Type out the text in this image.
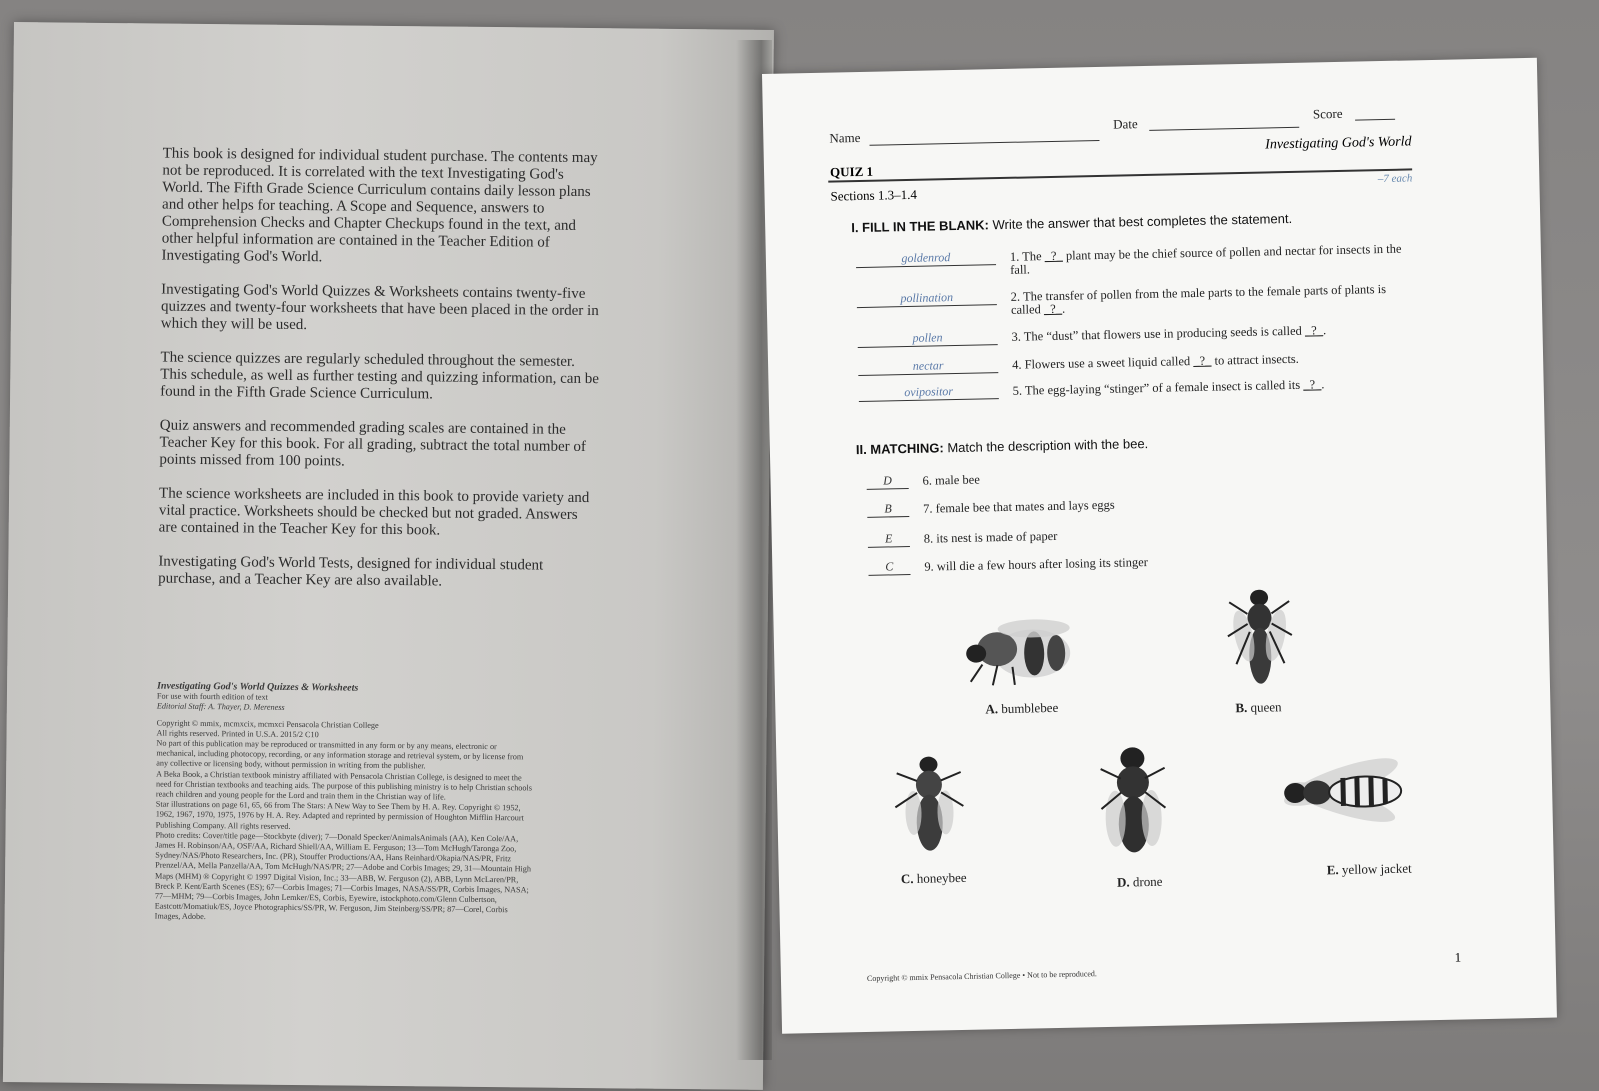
This book is designed for individual student purchase. The contents may not be reproduced. It is correlated with the text Investigating God's World. The Fifth Grade Science Curriculum contains daily lesson plans and other helps for teaching. A Scope and Sequence, answers to Comprehension Checks and Chapter Checkups found in the text, and other helpful information are contained in the Teacher Edition of Investigating God's World.

Investigating God's World Quizzes & Worksheets contains twenty-five quizzes and twenty-four worksheets that have been placed in the order in which they will be used.

The science quizzes are regularly scheduled throughout the semester. This schedule, as well as further testing and quizzing information, can be found in the Fifth Grade Science Curriculum.

Quiz answers and recommended grading scales are contained in the Teacher Key for this book. For all grading, subtract the total number of points missed from 100 points.

The science worksheets are included in this book to provide variety and vital practice. Worksheets should be checked but not graded. Answers are contained in the Teacher Key for this book.

Investigating God's World Tests, designed for individual student purchase, and a Teacher Key are also available.

Investigating God's World Quizzes & Worksheets

For use with fourth edition of text

Editorial Staff: A. Thayer, D. Mereness

Copyright © mmix, mcmxcix, mcmxci Pensacola Christian College

All rights reserved. Printed in U.S.A. 2015/2 C10

No part of this publication may be reproduced or transmitted in any form or by any means, electronic or mechanical, including photocopy, recording, or any information storage and retrieval system, or by license from any collective or licensing body, without permission in writing from the publisher.

A Beka Book, a Christian textbook ministry affiliated with Pensacola Christian College, is designed to meet the need for Christian textbooks and teaching aids. The purpose of this publishing ministry is to help Christian schools reach children and young people for the Lord and train them in the Christian way of life.

Star illustrations on page 61, 65, 66 from The Stars: A New Way to See Them by H. A. Rey. Copyright © 1952, 1962, 1967, 1970, 1975, 1976 by H. A. Rey. Adapted and reprinted by permission of Houghton Mifflin Harcourt Publishing Company. All rights reserved.

Photo credits: Cover/title page—Stockbyte (diver); 7—Donald Specker/AnimalsAnimals (AA), Ken Cole/AA, James H. Robinson/AA, OSF/AA, Richard Shiell/AA, William E. Ferguson; 13—Tom McHugh/Taronga Zoo, Sydney/NAS/Photo Researchers, Inc. (PR), Stouffer Productions/AA, Hans Reinhard/Okapia/NAS/PR, Fritz Prenzel/AA, Mella Panzella/AA, Tom McHugh/NAS/PR; 27—Adobe and Corbis Images; 29, 31—Mountain High Maps (MHM) ® Copyright © 1997 Digital Vision, Inc.; 33—ABB, W. Ferguson (2), ABB, Lynn McLaren/PR, Breck P. Kent/Earth Scenes (ES); 67—Corbis Images; 71—Corbis Images, NASA/SS/PR, Corbis Images, NASA; 77—MHM; 79—Corbis Images, John Lemker/ES, Corbis, Eyewire, istockphoto.com/Glenn Culbertson, Eastcott/Momatiuk/ES, Joyce Photographics/SS/PR, W. Ferguson, Jim Steinberg/SS/PR; 87—Corel, Corbis Images, Adobe.

Name
Date
Score
QUIZ 1
Investigating God's World
–7 each
Sections 1.3–1.4
I. FILL IN THE BLANK: Write the answer that best completes the statement.
goldenrod	1. The _?_ plant may be the chief source of pollen and nectar for insects in the fall.
pollination	2. The transfer of pollen from the male parts to the female parts of plants is called _?_.
pollen	3. The “dust” that flowers use in producing seeds is called _?_.
nectar	4. Flowers use a sweet liquid called _?_ to attract insects.
ovipositor	5. The egg-laying “stinger” of a female insect is called its _?_.
II. MATCHING: Match the description with the bee.
D	6. male bee
B	7. female bee that mates and lays eggs
E	8. its nest is made of paper
C	9. will die a few hours after losing its stinger
A. bumblebee	B. queen
C. honeybee	D. drone
E. yellow jacket
Copyright © mmix Pensacola Christian College • Not to be reproduced.
1
